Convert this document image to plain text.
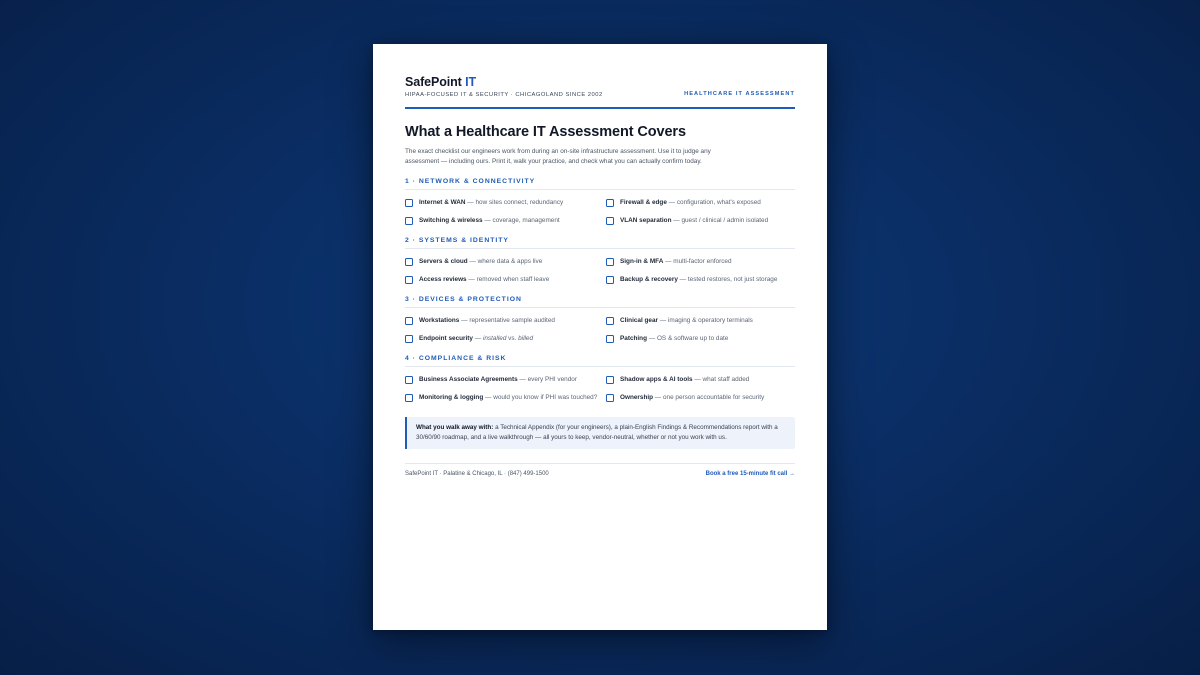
SafePoint IT
HIPAA-FOCUSED IT & SECURITY · CHICAGOLAND SINCE 2002	HEALTHCARE IT ASSESSMENT
What a Healthcare IT Assessment Covers
The exact checklist our engineers work from during an on-site infrastructure assessment. Use it to judge any assessment — including ours. Print it, walk your practice, and check what you can actually confirm today.
1 · NETWORK & CONNECTIVITY
Internet & WAN — how sites connect, redundancy	Firewall & edge — configuration, what's exposed
Switching & wireless — coverage, management	VLAN separation — guest / clinical / admin isolated
2 · SYSTEMS & IDENTITY
Servers & cloud — where data & apps live	Sign-in & MFA — multi-factor enforced
Access reviews — removed when staff leave	Backup & recovery — tested restores, not just storage
3 · DEVICES & PROTECTION
Workstations — representative sample audited	Clinical gear — imaging & operatory terminals
Endpoint security — installed vs. billed	Patching — OS & software up to date
4 · COMPLIANCE & RISK
Business Associate Agreements — every PHI vendor	Shadow apps & AI tools — what staff added
Monitoring & logging — would you know if PHI was touched?	Ownership — one person accountable for security
What you walk away with: a Technical Appendix (for your engineers), a plain-English Findings & Recommendations report with a 30/60/90 roadmap, and a live walkthrough — all yours to keep, vendor-neutral, whether or not you work with us.
SafePoint IT · Palatine & Chicago, IL · (847) 499-1500	Book a free 15-minute fit call →
